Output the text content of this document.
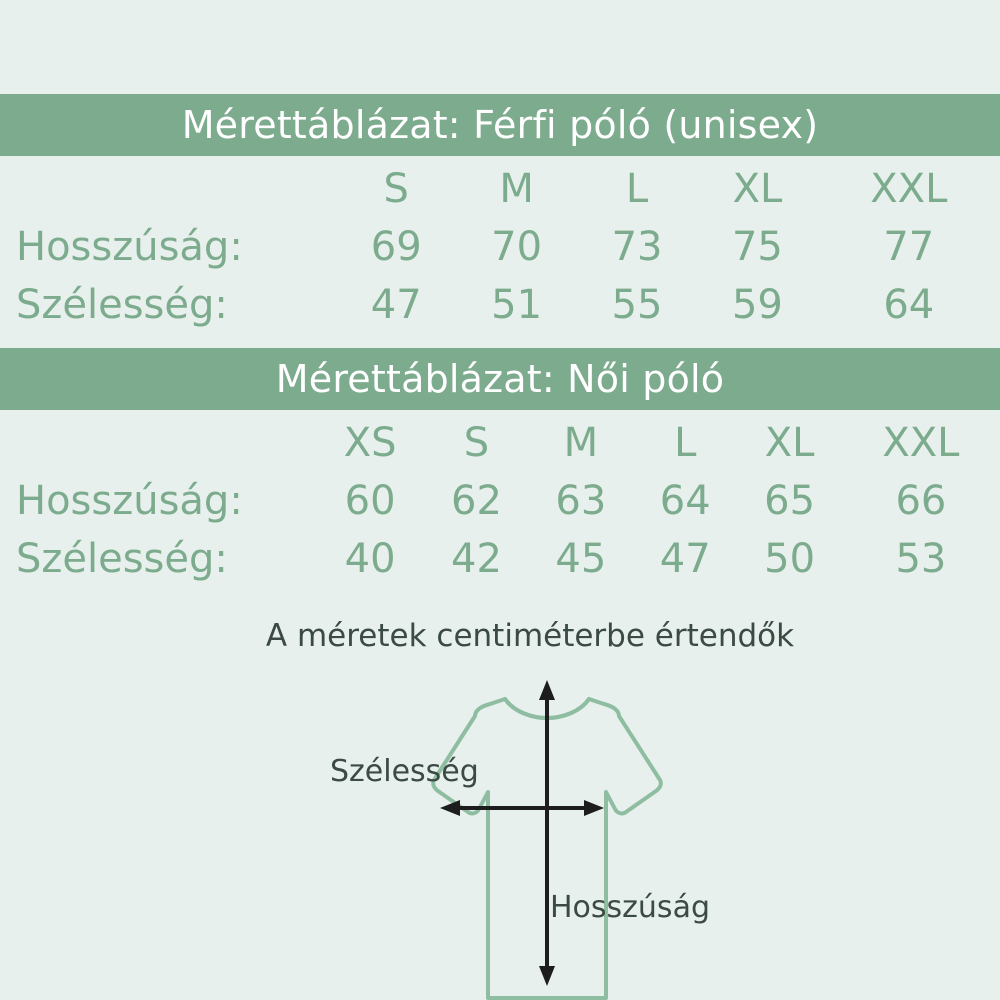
Mérettáblázat: Férfi póló (unisex)
	S	M	L	XL	XXL
Hosszúság:	69	70	73	75	77
Szélesség:	47	51	55	59	64
Mérettáblázat: Női póló
	XS	S	M	L	XL	XXL
Hosszúság:	60	62	63	64	65	66
Szélesség:	40	42	45	47	50	53
A méretek centiméterbe értendők
Szélesség
Hosszúság
